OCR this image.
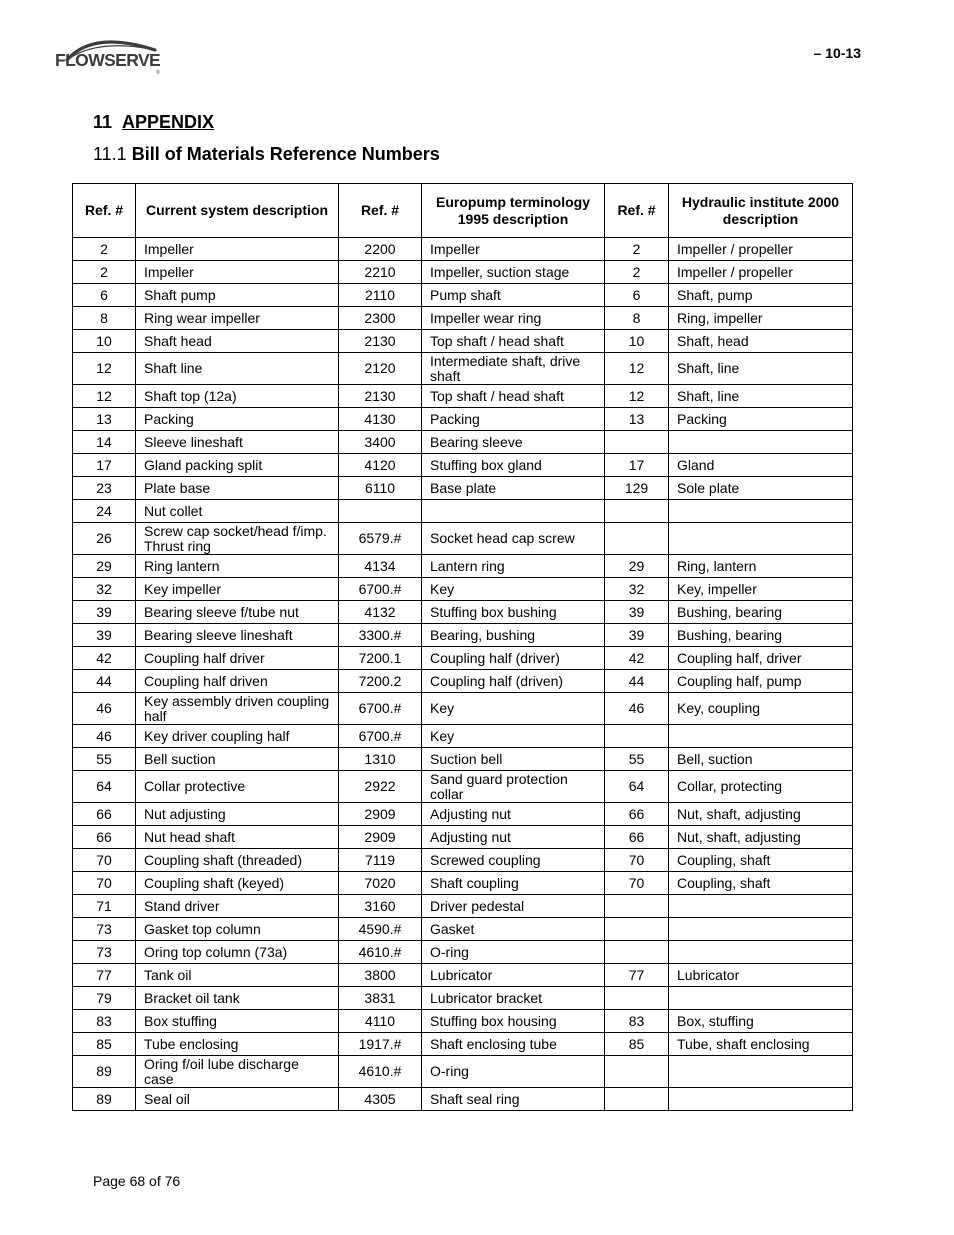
FLOWSERVE
®
– 10-13
11 APPENDIX
11.1 Bill of Materials Reference Numbers
Ref. #	Current system description	Ref. #	Europump terminology 1995 description	Ref. #	Hydraulic institute 2000 description
2	Impeller	2200	Impeller	2	Impeller / propeller
2	Impeller	2210	Impeller, suction stage	2	Impeller / propeller
6	Shaft pump	2110	Pump shaft	6	Shaft, pump
8	Ring wear impeller	2300	Impeller wear ring	8	Ring, impeller
10	Shaft head	2130	Top shaft / head shaft	10	Shaft, head
12	Shaft line	2120	Intermediate shaft, drive shaft	12	Shaft, line
12	Shaft top (12a)	2130	Top shaft / head shaft	12	Shaft, line
13	Packing	4130	Packing	13	Packing
14	Sleeve lineshaft	3400	Bearing sleeve		
17	Gland packing split	4120	Stuffing box gland	17	Gland
23	Plate base	6110	Base plate	129	Sole plate
24	Nut collet				
26	Screw cap socket/head f/imp. Thrust ring	6579.#	Socket head cap screw		
29	Ring lantern	4134	Lantern ring	29	Ring, lantern
32	Key impeller	6700.#	Key	32	Key, impeller
39	Bearing sleeve f/tube nut	4132	Stuffing box bushing	39	Bushing, bearing
39	Bearing sleeve lineshaft	3300.#	Bearing, bushing	39	Bushing, bearing
42	Coupling half driver	7200.1	Coupling half (driver)	42	Coupling half, driver
44	Coupling half driven	7200.2	Coupling half (driven)	44	Coupling half, pump
46	Key assembly driven coupling half	6700.#	Key	46	Key, coupling
46	Key driver coupling half	6700.#	Key		
55	Bell suction	1310	Suction bell	55	Bell, suction
64	Collar protective	2922	Sand guard protection collar	64	Collar, protecting
66	Nut adjusting	2909	Adjusting nut	66	Nut, shaft, adjusting
66	Nut head shaft	2909	Adjusting nut	66	Nut, shaft, adjusting
70	Coupling shaft (threaded)	7119	Screwed coupling	70	Coupling, shaft
70	Coupling shaft (keyed)	7020	Shaft coupling	70	Coupling, shaft
71	Stand driver	3160	Driver pedestal		
73	Gasket top column	4590.#	Gasket		
73	Oring top column (73a)	4610.#	O-ring		
77	Tank oil	3800	Lubricator	77	Lubricator
79	Bracket oil tank	3831	Lubricator bracket		
83	Box stuffing	4110	Stuffing box housing	83	Box, stuffing
85	Tube enclosing	1917.#	Shaft enclosing tube	85	Tube, shaft enclosing
89	Oring f/oil lube discharge case	4610.#	O-ring		
89	Seal oil	4305	Shaft seal ring		
Page 68 of 76
